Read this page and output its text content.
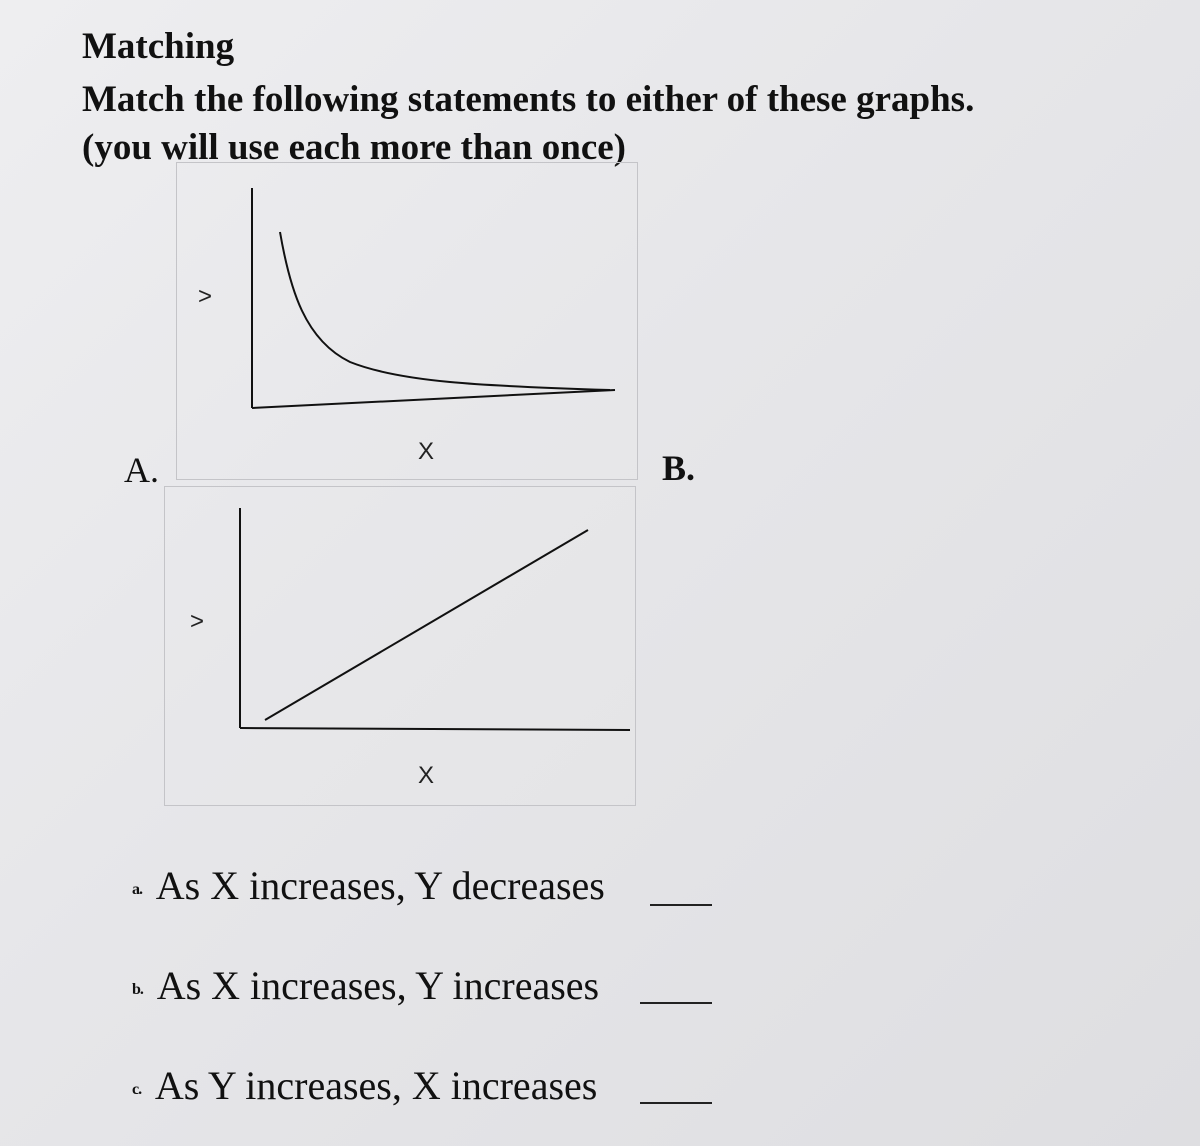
Matching
Match the following statements to either of these graphs.
(you will use each more than once)
>
X
A.	B.
>
X
a. As X increases, Y decreases
b. As X increases, Y increases
c. As Y increases, X increases
